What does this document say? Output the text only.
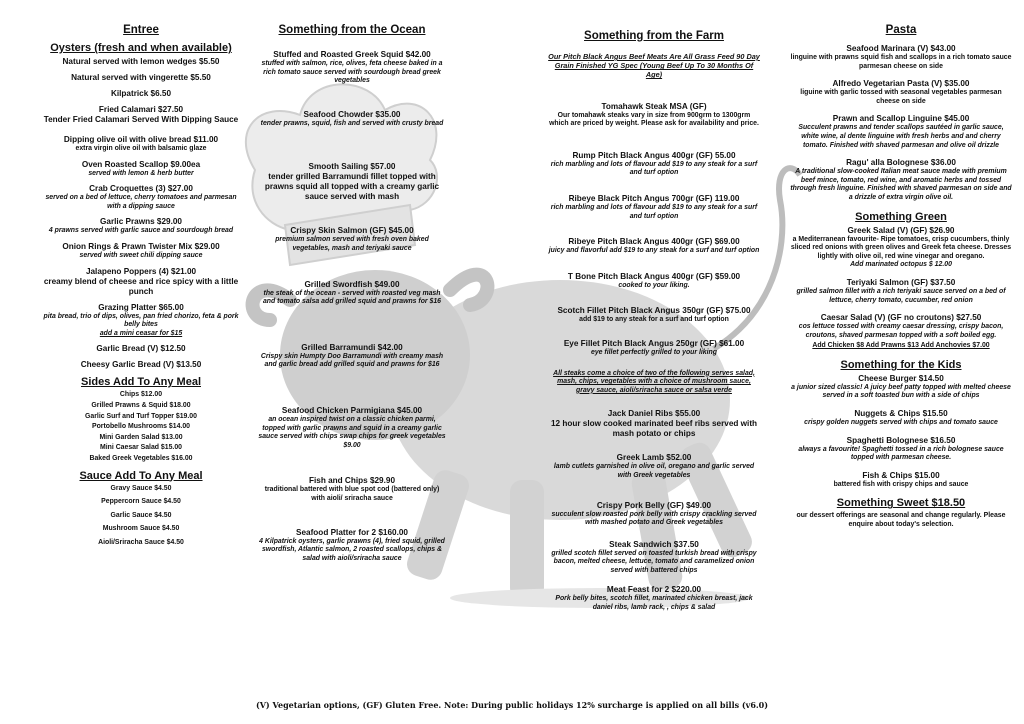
Entree
Oysters (fresh and when available)
Natural served with lemon wedges $5.50
Natural served with vingerette $5.50
Kilpatrick $6.50
Fried Calamari $27.50
Tender Fried Calamari Served With Dipping Sauce
Dipping olive oil with olive bread $11.00
extra virgin olive oil with balsamic glaze
Oven Roasted Scallop $9.00ea
served with lemon & herb butter
Crab Croquettes (3) $27.00
served on a bed of lettuce, cherry tomatoes and parmesan with a dipping sauce
Garlic Prawns $29.00
4 prawns served with garlic sauce and sourdough bread
Onion Rings & Prawn Twister Mix $29.00
served with sweet chili dipping sauce
Jalapeno Poppers (4) $21.00
creamy blend of cheese and rice spicy with a little punch
Grazing Platter $65.00
pita bread, trio of dips, olives, pan fried chorizo, feta & pork belly bites
add a mini ceasar for $15
Garlic Bread (V) $12.50
Cheesy Garlic Bread (V) $13.50
Sides Add To Any Meal
Chips $12.00
Grilled Prawns & Squid $18.00
Garlic Surf and Turf Topper $19.00
Portobello Mushrooms $14.00
Mini Garden Salad $13.00
Mini Caesar Salad $15.00
Baked Greek Vegetables $16.00
Sauce Add To Any Meal
Gravy Sauce $4.50
Peppercorn Sauce $4.50
Garlic Sauce $4.50
Mushroom Sauce $4.50
Aioli/Sriracha Sauce $4.50
Something from the Ocean
Stuffed and Roasted Greek Squid $42.00
stuffed with salmon, rice, olives, feta cheese baked in a rich tomato sauce served with sourdough bread greek vegetables
Seafood Chowder $35.00
tender prawns, squid, fish and served with crusty bread
Smooth Sailing $57.00
tender grilled Barramundi fillet topped with prawns squid all topped with a creamy garlic sauce served with mash
Crispy Skin Salmon (GF) $45.00
premium salmon served with fresh oven baked vegetables, mash and teriyaki sauce
Grilled Swordfish $49.00
the steak of the ocean - served with roasted veg mash and tomato salsa add grilled squid and prawns for $16
Grilled Barramundi $42.00
Crispy skin Humpty Doo Barramundi with creamy mash and garlic bread add grilled squid and prawns for $16
Seafood Chicken Parmigiana $45.00
an ocean inspired twist on a classic chicken parmi, topped with garlic prawns and squid in a creamy garlic sauce served with chips swap chips for greek vegetables $9.00
Fish and Chips $29.90
traditional battered with blue spot cod (battered only) with aioli/ sriracha sauce
Seafood Platter for 2 $160.00
4 Kilpatrick oysters, garlic prawns (4), fried squid, grilled swordfish, Atlantic salmon, 2 roasted scallops, chips & salad with aioli/sriracha sauce
Something from the Farm
Our Pitch Black Angus Beef Meats Are All Grass Feed 90 Day Grain Finished YG Spec (Young Beef Up To 30 Months Of Age)
Tomahawk Steak MSA (GF)
Our tomahawk steaks vary in size from 900grm to 1300grm which are priced by weight. Please ask for availability and price.
Rump Pitch Black Angus 400gr (GF) 55.00
rich marbling and lots of flavour add $19 to any steak for a surf and turf option
Ribeye Black Pitch Angus 700gr (GF) 119.00
rich marbling and lots of flavour add $19 to any steak for a surf and turf option
Ribeye Pitch Black Angus 400gr (GF) $69.00
juicy and flavorful add $19 to any steak for a surf and turf option
T Bone Pitch Black Angus 400gr (GF) $59.00
cooked to your liking.
Scotch Fillet Pitch Black Angus 350gr (GF) $75.00
add $19 to any steak for a surf and turf option
Eye Fillet Pitch Black Angus 250gr (GF) $61.00
eye fillet perfectly grilled to your liking
All steaks come a choice of two of the following serves salad, mash, chips, vegetables with a choice of mushroom sauce, gravy sauce, aioli/sriracha sauce or salsa verde
Jack Daniel Ribs $55.00
12 hour slow cooked marinated beef ribs served with mash potato or chips
Greek Lamb $52.00
lamb cutlets garnished in olive oil, oregano and garlic served with Greek vegetables
Crispy Pork Belly (GF) $49.00
succulent slow roasted pork belly with crispy crackling served with mashed potato and Greek vegetables
Steak Sandwich $37.50
grilled scotch fillet served on toasted turkish bread with crispy bacon, melted cheese, lettuce, tomato and caramelized onion served with battered chips
Meat Feast for 2 $220.00
Pork belly bites, scotch fillet, marinated chicken breast, jack daniel ribs, lamb rack, , chips & salad
Pasta
Seafood Marinara (V) $43.00
linguine with prawns squid fish and scallops in a rich tomato sauce parmesan cheese on side
Alfredo Vegetarian Pasta (V) $35.00
liguine with garlic tossed with seasonal vegetables parmesan cheese on side
Prawn and Scallop Linguine $45.00
Succulent prawns and tender scallops sautéed in garlic sauce, white wine, al dente linguine with fresh herbs and and cherry tomato. Finished with shaved parmesan and olive oil drizzle
Ragu' alla Bolognese $36.00
A traditional slow-cooked Italian meat sauce made with premium beef mince, tomato, red wine, and aromatic herbs and tossed through fresh linguine. Finished with shaved parmesan on side and a drizzle of extra virgin olive oil.
Something Green
Greek Salad (V) (GF) $26.90
a Mediterranean favourite- Ripe tomatoes, crisp cucumbers, thinly sliced red onions with green olives and Greek feta cheese. Dresses lightly with olive oil, red wine vinegar and oregano.
Add marinated octopus $ 12.00
Teriyaki Salmon (GF) $37.50
grilled salmon fillet with a rich teriyaki sauce served on a bed of lettuce, cherry tomato, cucumber, red onion
Caesar Salad (V) (GF no croutons) $27.50
cos lettuce tossed with creamy caesar dressing, crispy bacon, croutons, shaved parmesan topped with a soft boiled egg.
Add Chicken $8 Add Prawns $13 Add Anchovies $7.00
Something for the Kids
Cheese Burger $14.50
a junior sized classic! A juicy beef patty topped with melted cheese served in a soft toasted bun with a side of chips
Nuggets & Chips $15.50
crispy golden nuggets served with chips and tomato sauce
Spaghetti Bolognese $16.50
always a favourite! Spaghetti tossed in a rich bolognese sauce topped with parmesan cheese.
Fish & Chips $15.00
battered fish with crispy chips and sauce
Something Sweet $18.50
our dessert offerings are seasonal and change regularly. Please enquire about today's selection.
(V) Vegetarian options, (GF) Gluten Free. Note: During public holidays 12% surcharge is applied on all bills (v6.0)
